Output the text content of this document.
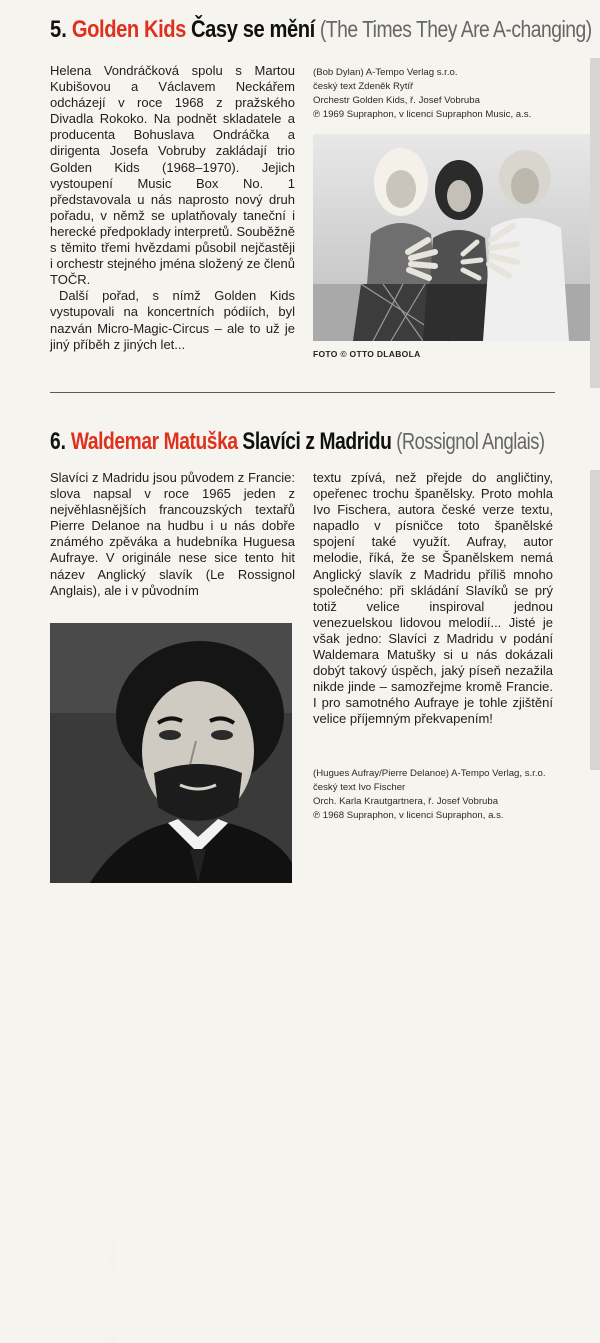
5. Golden Kids Časy se mění (The Times They Are A-changing)

Helena Vondráčková spolu s Martou Kubišovou a Václavem Neckářem odcházejí v roce 1968 z pražského Divadla Rokoko. Na podnět skladatele a producenta Bohuslava Ondráčka a dirigenta Josefa Vobruby zakládají trio Golden Kids (1968–1970). Jejich vystoupení Music Box No. 1 představovala u nás naprosto nový druh pořadu, v němž se uplatňovaly taneční i herecké předpoklady interpretů. Souběžně s těmito třemi hvězdami působil nejčastěji i orchestr stejného jména složený ze členů TOČR.

Další pořad, s nímž Golden Kids vystupovali na koncertních pódiích, byl nazván Micro-Magic-Circus – ale to už je jiný příběh z jiných let...

(Bob Dylan) A-Tempo Verlag s.r.o.
český text Zdeněk Rytíř
Orchestr Golden Kids, ř. Josef Vobruba
℗ 1969 Supraphon, v licenci Supraphon Music, a.s.
FOTO © OTTO DLABOLA
6. Waldemar Matuška Slavíci z Madridu (Rossignol Anglais)

Slavíci z Madridu jsou původem z Francie: slova napsal v roce 1965 jeden z nejvěhlasnějších francouzských textařů Pierre Delanoe na hudbu i u nás dobře známého zpěváka a hudebníka Huguesa Aufraye. V originále nese sice tento hit název Anglický slavík (Le Rossignol Anglais), ale i v původním

textu zpívá, než přejde do angličtiny, opeřenec trochu španělsky. Proto mohla Ivo Fischera, autora české verze textu, napadlo v písničce toto španělské spojení také využít. Aufray, autor melodie, říká, že se Španělskem nemá Anglický slavík z Madridu příliš mnoho společného: při skládání Slavíků se prý totiž velice inspiroval jednou venezuelskou lidovou melodií... Jisté je však jedno: Slavíci z Madridu v podání Waldemara Matušky si u nás dokázali dobýt takový úspěch, jaký píseň nezažila nikde jinde – samozřejme kromě Francie. I pro samotného Aufraye je tohle zjištění velice příjemným překvapením!

(Hugues Aufray/Pierre Delanoe) A-Tempo Verlag, s.r.o.
český text Ivo Fischer
Orch. Karla Krautgartnera, ř. Josef Vobruba
℗ 1968 Supraphon, v licenci Supraphon, a.s.
FOTO © OTTO DLABOLA
